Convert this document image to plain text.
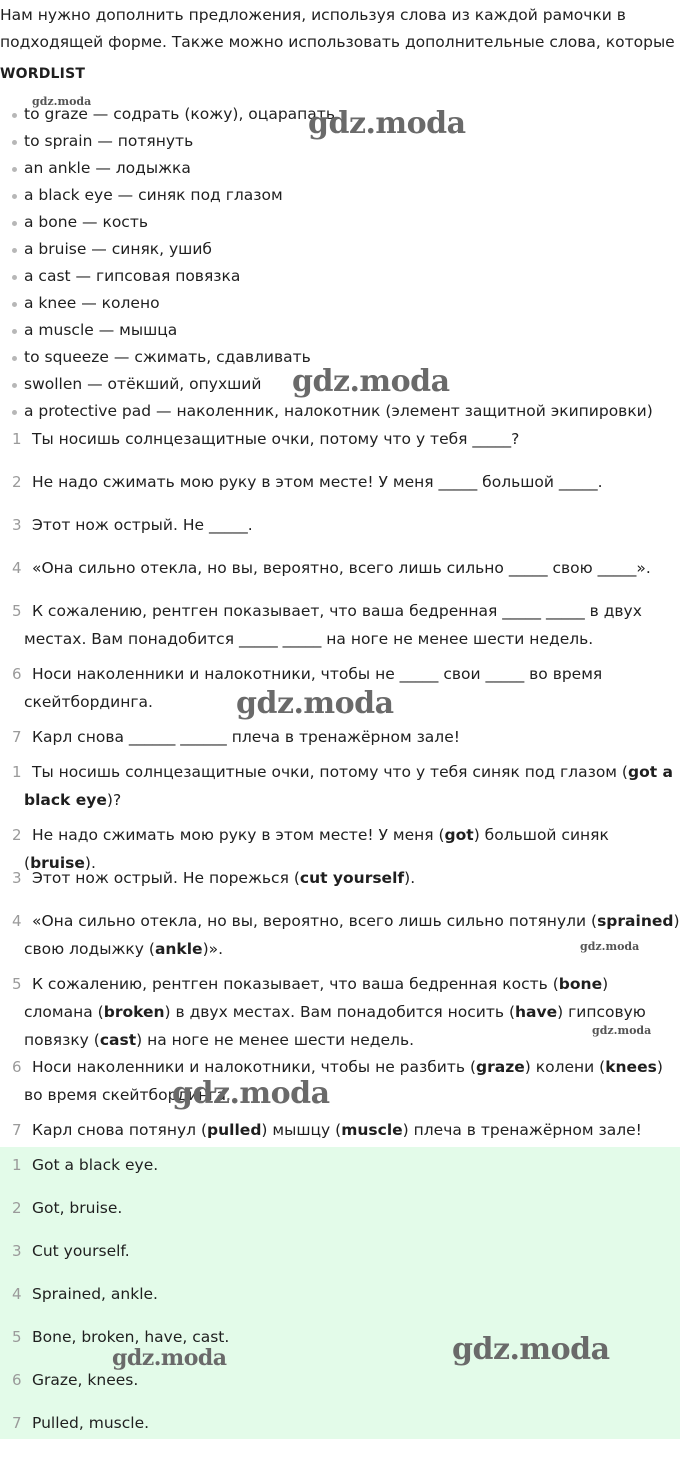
Нам нужно дополнить предложения, используя слова из каждой рамочки в подходящей форме. Также можно использовать дополнительные слова, которые
WORDLIST
to graze — содрать (кожу), оцарапать
to sprain — потянуть
an ankle — лодыжка
a black eye — синяк под глазом
a bone — кость
a bruise — синяк, ушиб
a cast — гипсовая повязка
a knee — колено
a muscle — мышца
to squeeze — сжимать, сдавливать
swollen — отёкший, опухший
a protective pad — наколенник, налокотник (элемент защитной экипировки)
1 Ты носишь солнцезащитные очки, потому что у тебя _____?
2 Не надо сжимать мою руку в этом месте! У меня _____ большой _____.
3 Этот нож острый. Не _____.
4 «Она сильно отекла, но вы, вероятно, всего лишь сильно _____ свою _____».
5 К сожалению, рентген показывает, что ваша бедренная _____ _____ в двух местах. Вам понадобится _____ _____ на ноге не менее шести недель.
6 Носи наколенники и налокотники, чтобы не _____ свои _____ во время скейтбординга.
7 Карл снова ______ ______ плеча в тренажёрном зале!
1 Ты носишь солнцезащитные очки, потому что у тебя синяк под глазом (got a black eye)?
2 Не надо сжимать мою руку в этом месте! У меня (got) большой синяк (bruise).
3 Этот нож острый. Не порежься (cut yourself).
4 «Она сильно отекла, но вы, вероятно, всего лишь сильно потянули (sprained) свою лодыжку (ankle)».
5 К сожалению, рентген показывает, что ваша бедренная кость (bone) сломана (broken) в двух местах. Вам понадобится носить (have) гипсовую повязку (cast) на ноге не менее шести недель.
6 Носи наколенники и налокотники, чтобы не разбить (graze) колени (knees) во время скейтбординга.
7 Карл снова потянул (pulled) мышцу (muscle) плеча в тренажёрном зале!
1 Got a black eye.
2 Got, bruise.
3 Cut yourself.
4 Sprained, ankle.
5 Bone, broken, have, cast.
6 Graze, knees.
7 Pulled, muscle.
gdz.moda
gdz.moda
gdz.moda
gdz.moda
gdz.moda
gdz.moda
gdz.moda
gdz.moda
gdz.moda
